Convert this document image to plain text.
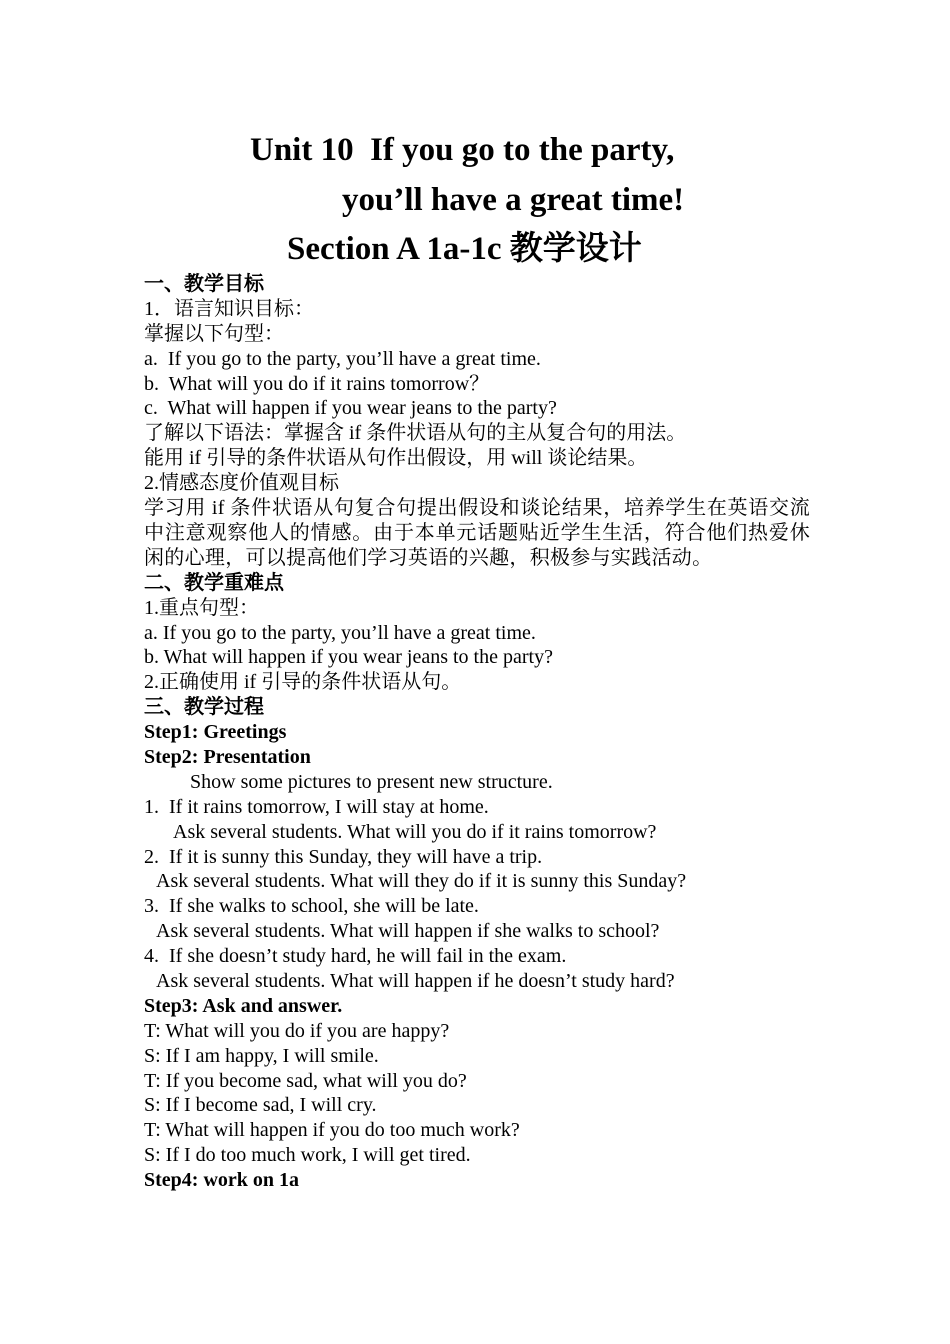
Unit 10  If you go to the party,
you’ll have a great time!
Section A 1a-1c 教学设计
一、教学目标
1．语言知识目标：
掌握以下句型：
a.  If you go to the party, you’ll have a great time.
b.  What will you do if it rains tomorrow？
c.  What will happen if you wear jeans to the party?
了解以下语法：掌握含 if 条件状语从句的主从复合句的用法。
能用 if 引导的条件状语从句作出假设，用 will 谈论结果。
2.情感态度价值观目标
学习用 if 条件状语从句复合句提出假设和谈论结果，培养学生在英语交流中注意观察他人的情感。由于本单元话题贴近学生生活，符合他们热爱休闲的心理，可以提高他们学习英语的兴趣，积极参与实践活动。
二、教学重难点
1.重点句型：
a. If you go to the party, you’ll have a great time.
b. What will happen if you wear jeans to the party?
2.正确使用 if 引导的条件状语从句。
三、教学过程
Step1: Greetings
Step2: Presentation
Show some pictures to present new structure.
1.  If it rains tomorrow, I will stay at home.
Ask several students. What will you do if it rains tomorrow?
2.  If it is sunny this Sunday, they will have a trip.
Ask several students. What will they do if it is sunny this Sunday?
3.  If she walks to school, she will be late.
Ask several students. What will happen if she walks to school?
4.  If she doesn’t study hard, he will fail in the exam.
Ask several students. What will happen if he doesn’t study hard?
Step3: Ask and answer.
T: What will you do if you are happy?
S: If I am happy, I will smile.
T: If you become sad, what will you do?
S: If I become sad, I will cry.
T: What will happen if you do too much work?
S: If I do too much work, I will get tired.
Step4: work on 1a
